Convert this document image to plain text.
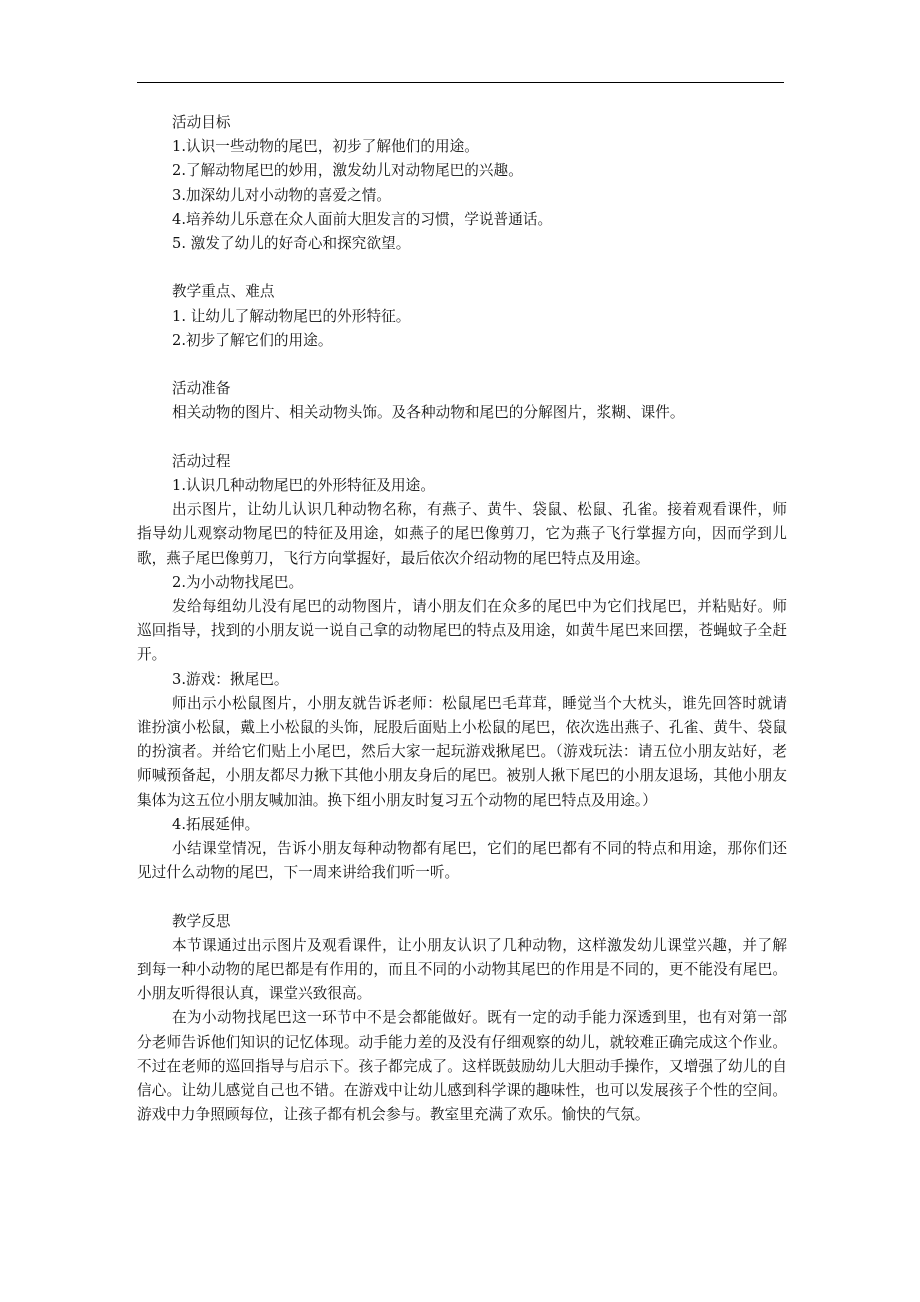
活动目标
1.认识一些动物的尾巴，初步了解他们的用途。
2.了解动物尾巴的妙用，激发幼儿对动物尾巴的兴趣。
3.加深幼儿对小动物的喜爱之情。
4.培养幼儿乐意在众人面前大胆发言的习惯，学说普通话。
5. 激发了幼儿的好奇心和探究欲望。
教学重点、难点
1. 让幼儿了解动物尾巴的外形特征。
2.初步了解它们的用途。
活动准备
相关动物的图片、相关动物头饰。及各种动物和尾巴的分解图片，浆糊、课件。
活动过程
1.认识几种动物尾巴的外形特征及用途。
出示图片，让幼儿认识几种动物名称，有燕子、黄牛、袋鼠、松鼠、孔雀。接着观看课件，师指导幼儿观察动物尾巴的特征及用途，如燕子的尾巴像剪刀，它为燕子飞行掌握方向，因而学到儿歌，燕子尾巴像剪刀，飞行方向掌握好，最后依次介绍动物的尾巴特点及用途。
2.为小动物找尾巴。
发给每组幼儿没有尾巴的动物图片，请小朋友们在众多的尾巴中为它们找尾巴，并粘贴好。师巡回指导，找到的小朋友说一说自己拿的动物尾巴的特点及用途，如黄牛尾巴来回摆，苍蝇蚊子全赶开。
3.游戏：揪尾巴。
师出示小松鼠图片，小朋友就告诉老师：松鼠尾巴毛茸茸，睡觉当个大枕头，谁先回答时就请谁扮演小松鼠，戴上小松鼠的头饰，屁股后面贴上小松鼠的尾巴，依次选出燕子、孔雀、黄牛、袋鼠的扮演者。并给它们贴上小尾巴，然后大家一起玩游戏揪尾巴。（游戏玩法：请五位小朋友站好，老师喊预备起，小朋友都尽力揪下其他小朋友身后的尾巴。被别人揪下尾巴的小朋友退场，其他小朋友集体为这五位小朋友喊加油。换下组小朋友时复习五个动物的尾巴特点及用途。）
4.拓展延伸。
小结课堂情况，告诉小朋友每种动物都有尾巴，它们的尾巴都有不同的特点和用途，那你们还见过什么动物的尾巴，下一周来讲给我们听一听。
教学反思
本节课通过出示图片及观看课件，让小朋友认识了几种动物，这样激发幼儿课堂兴趣，并了解到每一种小动物的尾巴都是有作用的，而且不同的小动物其尾巴的作用是不同的，更不能没有尾巴。小朋友听得很认真，课堂兴致很高。
在为小动物找尾巴这一环节中不是会都能做好。既有一定的动手能力深透到里，也有对第一部分老师告诉他们知识的记忆体现。动手能力差的及没有仔细观察的幼儿，就较难正确完成这个作业。不过在老师的巡回指导与启示下。孩子都完成了。这样既鼓励幼儿大胆动手操作，又增强了幼儿的自信心。让幼儿感觉自己也不错。在游戏中让幼儿感到科学课的趣味性，也可以发展孩子个性的空间。游戏中力争照顾每位，让孩子都有机会参与。教室里充满了欢乐。愉快的气氛。
